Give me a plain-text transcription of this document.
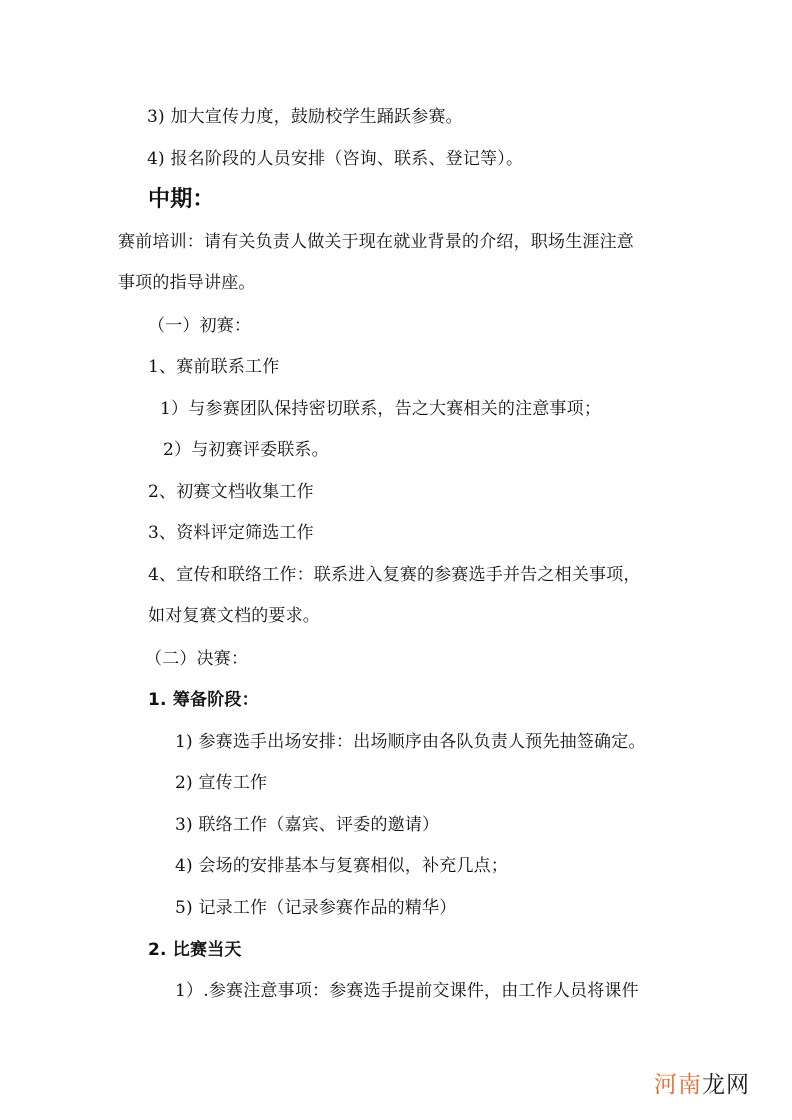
3) 加大宣传力度，鼓励校学生踊跃参赛。
4) 报名阶段的人员安排（咨询、联系、登记等）。
中期：
赛前培训：请有关负责人做关于现在就业背景的介绍，职场生涯注意
事项的指导讲座。
（一）初赛：
1、赛前联系工作
1）与参赛团队保持密切联系，告之大赛相关的注意事项；
2）与初赛评委联系。
2、初赛文档收集工作
3、资料评定筛选工作
4、宣传和联络工作：联系进入复赛的参赛选手并告之相关事项，
如对复赛文档的要求。
（二）决赛：
1. 筹备阶段：
1) 参赛选手出场安排：出场顺序由各队负责人预先抽签确定。
2) 宣传工作
3) 联络工作（嘉宾、评委的邀请）
4) 会场的安排基本与复赛相似，补充几点；
5) 记录工作（记录参赛作品的精华）
2. 比赛当天
1）.参赛注意事项：参赛选手提前交课件，由工作人员将课件
河南龙网
